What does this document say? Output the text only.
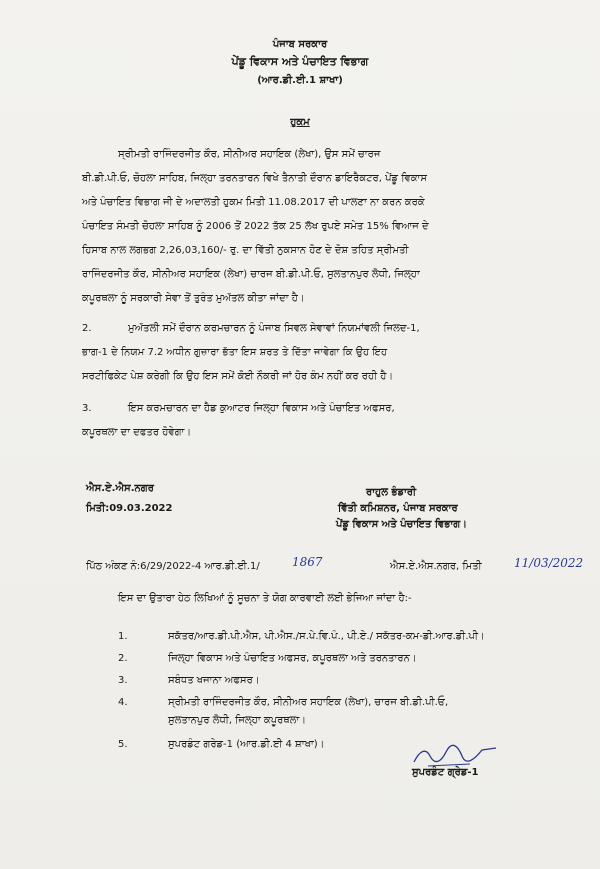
ਪੰਜਾਬ ਸਰਕਾਰ
ਪੇਂਡੂ ਵਿਕਾਸ ਅਤੇ ਪੰਚਾਇਤ ਵਿਭਾਗ
(ਆਰ.ਡੀ.ਈ.1 ਸ਼ਾਖਾ)
ਹੁਕਮ
ਸ੍ਰੀਮਤੀ ਰਾਜਿੰਦਰਜੀਤ ਕੌਰ, ਸੀਨੀਅਰ ਸਹਾਇਕ (ਲੇਖਾ), ਉਸ ਸਮੇਂ ਚਾਰਜ
ਬੀ.ਡੀ.ਪੀ.ਓ, ਚੋਹਲਾ ਸਾਹਿਬ, ਜਿਲ੍ਹਾ ਤਰਨਤਾਰਨ ਵਿਖੇ ਤੈਨਾਤੀ ਦੌਰਾਨ ਡਾਇਰੈਕਟਰ, ਪੇਂਡੂ ਵਿਕਾਸ
ਅਤੇ ਪੰਚਾਇਤ ਵਿਭਾਗ ਜੀ ਦੇ ਅਦਾਲਤੀ ਹੁਕਮ ਮਿਤੀ 11.08.2017 ਦੀ ਪਾਲਣਾ ਨਾ ਕਰਨ ਕਰਕੇ
ਪੰਚਾਇਤ ਸੰਮਤੀ ਚੋਹਲਾ ਸਾਹਿਬ ਨੂੰ 2006 ਤੋਂ 2022 ਤੱਕ 25 ਲੱਖ ਰੁਪਏ ਸਮੇਤ 15% ਵਿਆਜ ਦੇ
ਹਿਸਾਬ ਨਾਲ ਲਗਭਗ 2,26,03,160/- ਰੁ. ਦਾ ਵਿੱਤੀ ਨੁਕਸਾਨ ਹੋਣ ਦੇ ਦੋਸ਼ ਤਹਿਤ ਸ੍ਰੀਮਤੀ
ਰਾਜਿੰਦਰਜੀਤ ਕੌਰ, ਸੀਨੀਅਰ ਸਹਾਇਕ (ਲੇਖਾ) ਚਾਰਜ ਬੀ.ਡੀ.ਪੀ.ਓ, ਸੁਲਤਾਨਪੁਰ ਲੋਧੀ, ਜਿਲ੍ਹਾ
ਕਪੂਰਥਲਾ ਨੂੰ ਸਰਕਾਰੀ ਸੇਵਾ ਤੋਂ ਤੁਰੰਤ ਮੁਅੱਤਲ ਕੀਤਾ ਜਾਂਦਾ ਹੈ।
2.	ਮੁਅੱਤਲੀ ਸਮੇਂ ਦੌਰਾਨ ਕਰਮਚਾਰਨ ਨੂੰ ਪੰਜਾਬ ਸਿਵਲ ਸੇਵਾਵਾਂ ਨਿਯਮਾਂਵਲੀ ਜਿਲਦ-1,
ਭਾਗ-1 ਦੇ ਨਿਯਮ 7.2 ਅਧੀਨ ਗੁਜ਼ਾਰਾ ਭੱਤਾ ਇਸ ਸ਼ਰਤ ਤੇ ਦਿੱਤਾ ਜਾਵੇਗਾ ਕਿ ਉਹ ਇਹ
ਸਰਟੀਫਿਕੇਟ ਪੇਸ਼ ਕਰੇਗੀ ਕਿ ਉਹ ਇਸ ਸਮੇਂ ਕੋਈ ਨੌਕਰੀ ਜਾਂ ਹੋਰ ਕੰਮ ਨਹੀਂ ਕਰ ਰਹੀ ਹੈ।
3.	ਇਸ ਕਰਮਚਾਰਨ ਦਾ ਹੈਡ ਕੁਆਟਰ ਜਿਲ੍ਹਾ ਵਿਕਾਸ ਅਤੇ ਪੰਚਾਇਤ ਅਫਸਰ,
ਕਪੂਰਥਲਾ ਦਾ ਦਫਤਰ ਹੋਵੇਗਾ।
ਐਸ.ਏ.ਐਸ.ਨਗਰ
ਮਿਤੀ:09.03.2022
ਰਾਹੁਲ ਭੰਡਾਰੀ
ਵਿੱਤੀ ਕਮਿਸ਼ਨਰ, ਪੰਜਾਬ ਸਰਕਾਰ
ਪੇਂਡੂ ਵਿਕਾਸ ਅਤੇ ਪੰਚਾਇਤ ਵਿਭਾਗ।
ਪਿੱਠ ਅੰਕਣ ਨੰ:6/29/2022-4 ਆਰ.ਡੀ.ਈ.1/	1867	ਐਸ.ਏ.ਐਸ.ਨਗਰ, ਮਿਤੀ	11/03/2022
ਇਸ ਦਾ ਉਤਾਰਾ ਹੇਠ ਲਿਖਿਆਂ ਨੂੰ ਸੂਚਨਾ ਤੇ ਯੋਗ ਕਾਰਵਾਈ ਲਈ ਭੇਜਿਆ ਜਾਂਦਾ ਹੈ:-
1.	ਸਕੱਤਰ/ਆਰ.ਡੀ.ਪੀ.ਐਸ, ਪੀ.ਐਸ./ਸ.ਪੇ.ਵਿ.ਪੰ., ਪੀ.ਏ./ ਸਕੱਤਰ-ਕਮ-ਡੀ.ਆਰ.ਡੀ.ਪੀ।
2.	ਜਿਲ੍ਹਾ ਵਿਕਾਸ ਅਤੇ ਪੰਚਾਇਤ ਅਫਸਰ, ਕਪੂਰਥਲਾ ਅਤੇ ਤਰਨਤਾਰਨ।
3.	ਸਬੰਧਤ ਖਜਾਨਾ ਅਫਸਰ।
4.	ਸ੍ਰੀਮਤੀ ਰਾਜਿੰਦਰਜੀਤ ਕੌਰ, ਸੀਨੀਅਰ ਸਹਾਇਕ (ਲੇਖਾ), ਚਾਰਜ ਬੀ.ਡੀ.ਪੀ.ਓ,
ਸੁਲਤਾਨਪੁਰ ਲੋਧੀ, ਜਿਲ੍ਹਾ ਕਪੂਰਥਲਾ।
5.	ਸੁਪਰਡੰਟ ਗਰੇਡ-1 (ਆਰ.ਡੀ.ਈ 4 ਸ਼ਾਖਾ)।
ਸੁਪਰਡੰਟ ਗ੍ਰੇਡ-1
